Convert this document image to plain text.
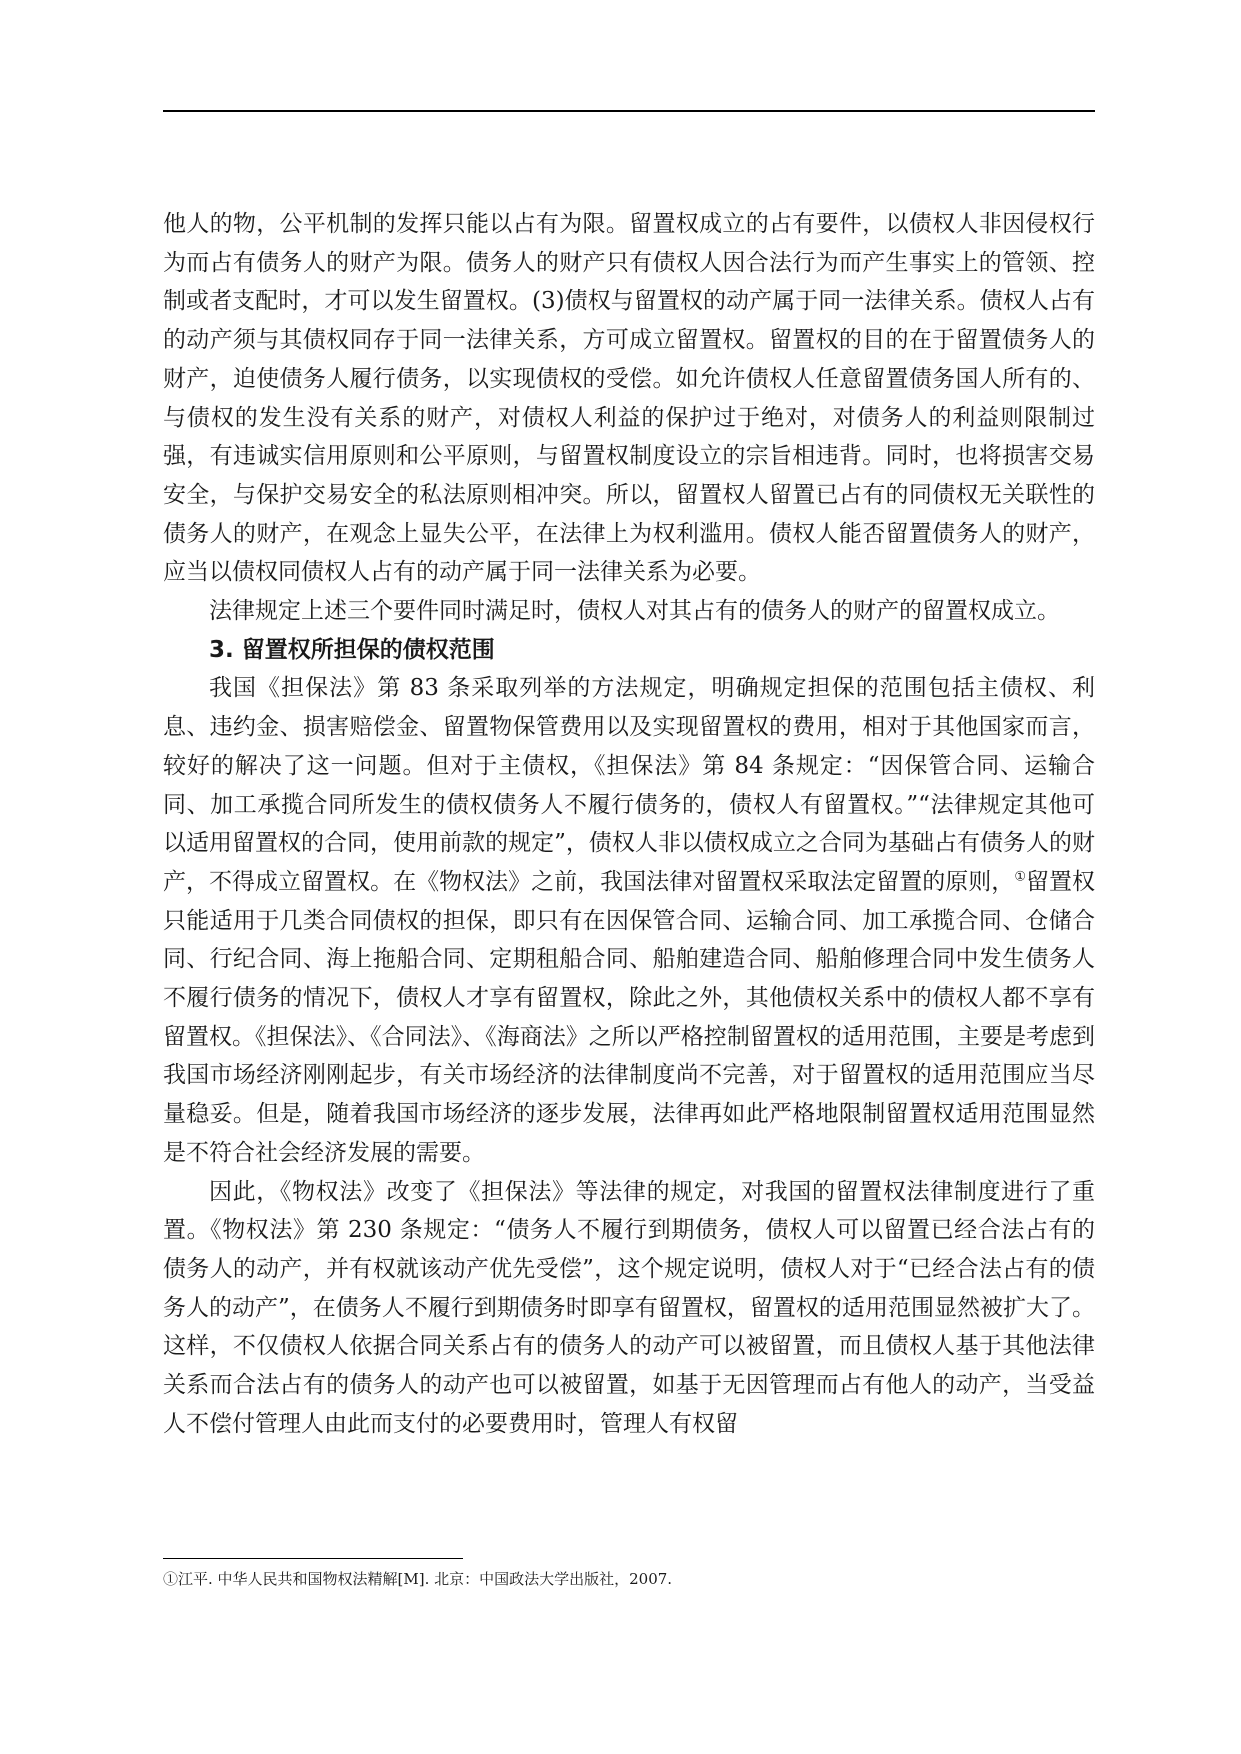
他人的物，公平机制的发挥只能以占有为限。留置权成立的占有要件，以债权人非因侵权行为而占有债务人的财产为限。债务人的财产只有债权人因合法行为而产生事实上的管领、控制或者支配时，才可以发生留置权。(3)债权与留置权的动产属于同一法律关系。债权人占有的动产须与其债权同存于同一法律关系，方可成立留置权。留置权的目的在于留置债务人的财产，迫使债务人履行债务，以实现债权的受偿。如允许债权人任意留置债务国人所有的、与债权的发生没有关系的财产，对债权人利益的保护过于绝对，对债务人的利益则限制过强，有违诚实信用原则和公平原则，与留置权制度设立的宗旨相违背。同时，也将损害交易安全，与保护交易安全的私法原则相冲突。所以，留置权人留置已占有的同债权无关联性的债务人的财产，在观念上显失公平，在法律上为权利滥用。债权人能否留置债务人的财产，应当以债权同债权人占有的动产属于同一法律关系为必要。

法律规定上述三个要件同时满足时，债权人对其占有的债务人的财产的留置权成立。

3. 留置权所担保的债权范围

我国《担保法》第 83 条采取列举的方法规定，明确规定担保的范围包括主债权、利息、违约金、损害赔偿金、留置物保管费用以及实现留置权的费用，相对于其他国家而言，较好的解决了这一问题。但对于主债权，《担保法》第 84 条规定：“因保管合同、运输合同、加工承揽合同所发生的债权债务人不履行债务的，债权人有留置权。”“法律规定其他可以适用留置权的合同，使用前款的规定”，债权人非以债权成立之合同为基础占有债务人的财产，不得成立留置权。在《物权法》之前，我国法律对留置权采取法定留置的原则，①留置权只能适用于几类合同债权的担保，即只有在因保管合同、运输合同、加工承揽合同、仓储合同、行纪合同、海上拖船合同、定期租船合同、船舶建造合同、船舶修理合同中发生债务人不履行债务的情况下，债权人才享有留置权，除此之外，其他债权关系中的债权人都不享有留置权。《担保法》、《合同法》、《海商法》之所以严格控制留置权的适用范围，主要是考虑到我国市场经济刚刚起步，有关市场经济的法律制度尚不完善，对于留置权的适用范围应当尽量稳妥。但是，随着我国市场经济的逐步发展，法律再如此严格地限制留置权适用范围显然是不符合社会经济发展的需要。

因此，《物权法》改变了《担保法》等法律的规定，对我国的留置权法律制度进行了重置。《物权法》第 230 条规定：“债务人不履行到期债务，债权人可以留置已经合法占有的债务人的动产，并有权就该动产优先受偿”，这个规定说明，债权人对于“已经合法占有的债务人的动产”，在债务人不履行到期债务时即享有留置权，留置权的适用范围显然被扩大了。这样，不仅债权人依据合同关系占有的债务人的动产可以被留置，而且债权人基于其他法律关系而合法占有的债务人的动产也可以被留置，如基于无因管理而占有他人的动产，当受益人不偿付管理人由此而支付的必要费用时，管理人有权留

①江平. 中华人民共和国物权法精解[M]. 北京：中国政法大学出版社，2007.
